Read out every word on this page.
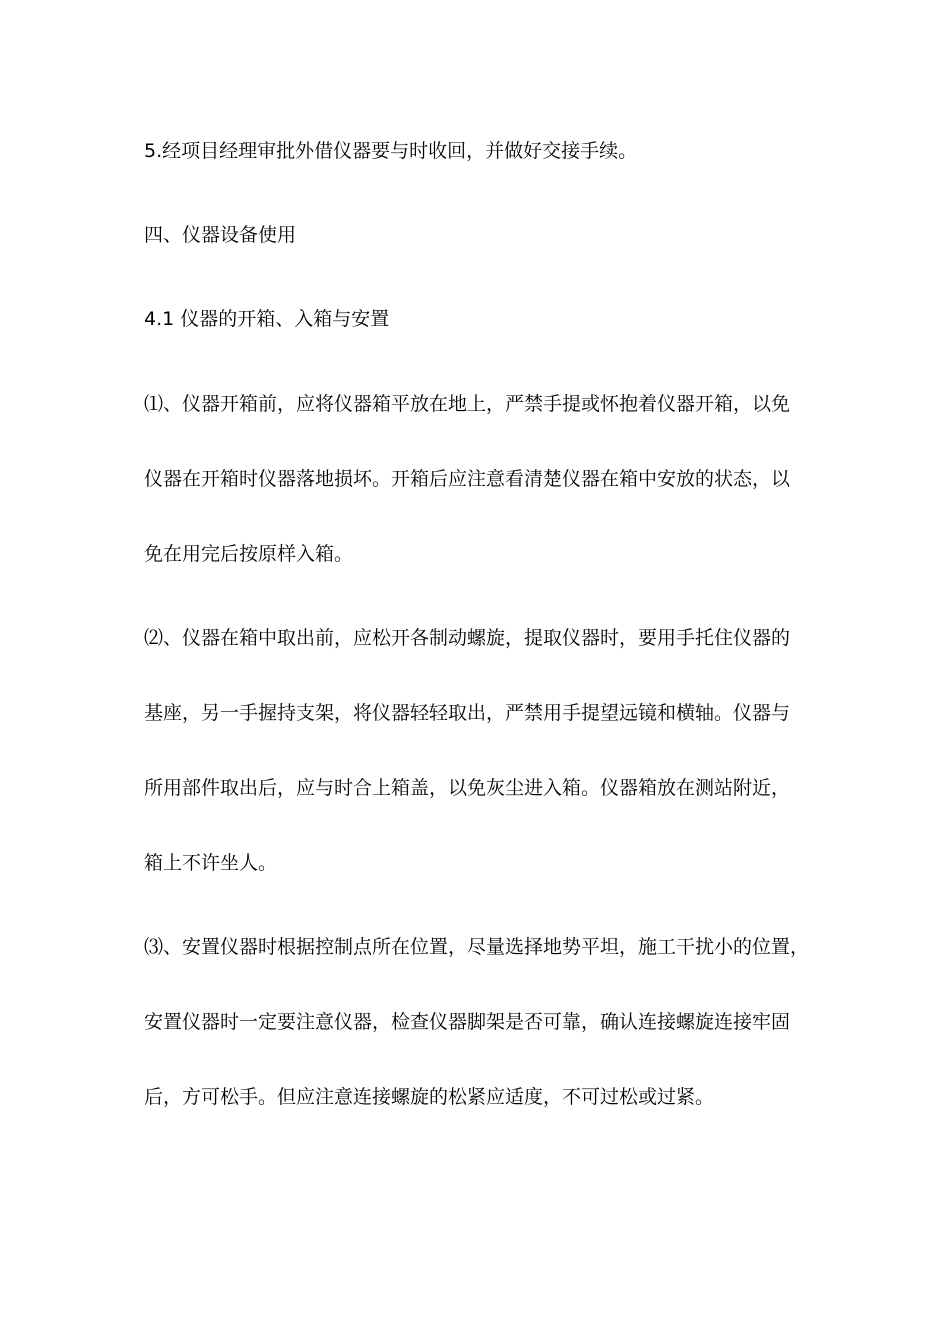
5.经项目经理审批外借仪器要与时收回，并做好交接手续。
四、仪器设备使用
4.1 仪器的开箱、入箱与安置
⑴、仪器开箱前，应将仪器箱平放在地上，严禁手提或怀抱着仪器开箱，以免
仪器在开箱时仪器落地损坏。开箱后应注意看清楚仪器在箱中安放的状态，以
免在用完后按原样入箱。
⑵、仪器在箱中取出前，应松开各制动螺旋，提取仪器时，要用手托住仪器的
基座，另一手握持支架，将仪器轻轻取出，严禁用手提望远镜和横轴。仪器与
所用部件取出后，应与时合上箱盖，以免灰尘进入箱。仪器箱放在测站附近，
箱上不许坐人。
⑶、安置仪器时根据控制点所在位置，尽量选择地势平坦，施工干扰小的位置，
安置仪器时一定要注意仪器，检查仪器脚架是否可靠，确认连接螺旋连接牢固
后，方可松手。但应注意连接螺旋的松紧应适度，不可过松或过紧。
